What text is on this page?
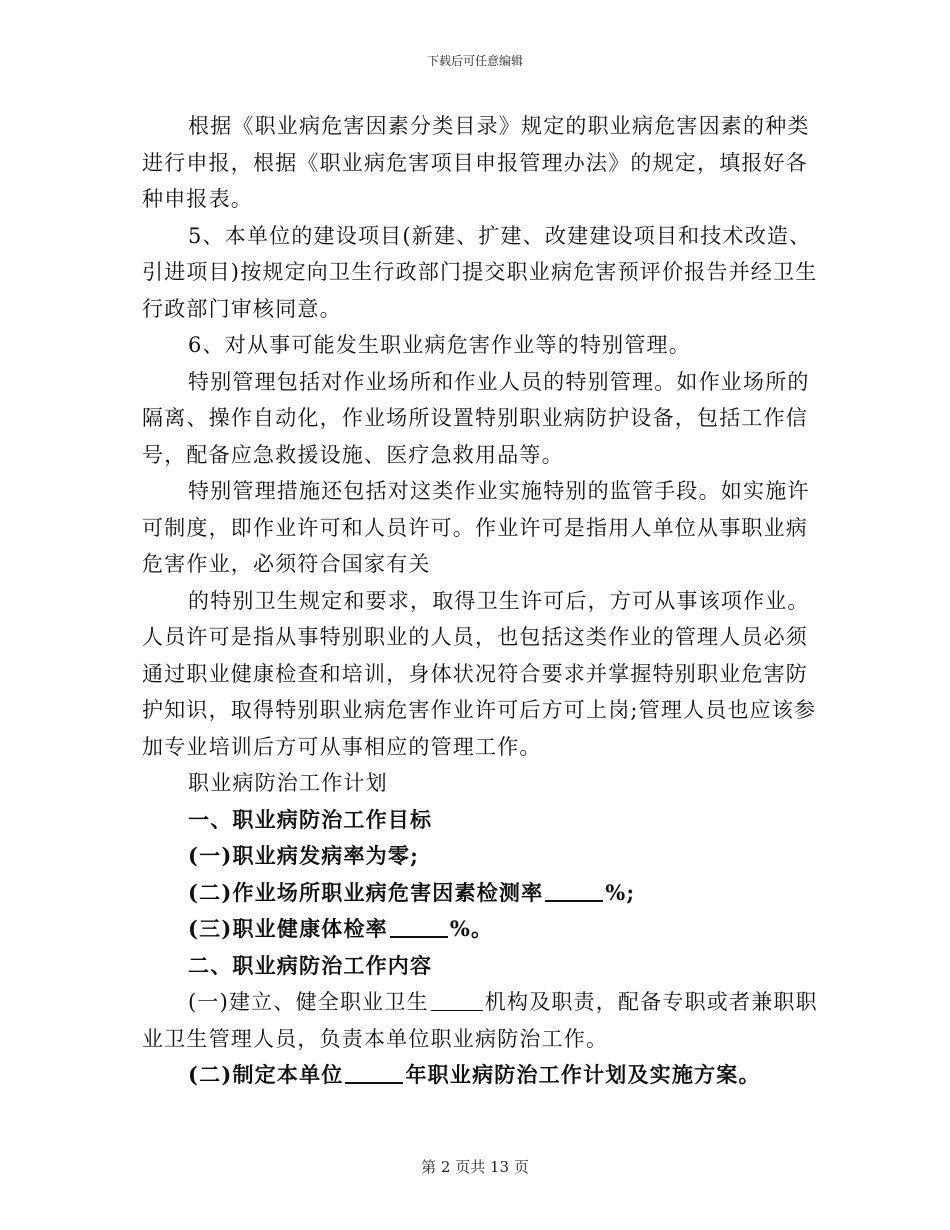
下载后可任意编辑

根据《职业病危害因素分类目录》规定的职业病危害因素的种类

进行申报，根据《职业病危害项目申报管理办法》的规定，填报好各

种申报表。

5、本单位的建设项目(新建、扩建、改建建设项目和技术改造、

引进项目)按规定向卫生行政部门提交职业病危害预评价报告并经卫生

行政部门审核同意。

6、对从事可能发生职业病危害作业等的特别管理。

特别管理包括对作业场所和作业人员的特别管理。如作业场所的

隔离、操作自动化，作业场所设置特别职业病防护设备，包括工作信

号，配备应急救援设施、医疗急救用品等。

特别管理措施还包括对这类作业实施特别的监管手段。如实施许

可制度，即作业许可和人员许可。作业许可是指用人单位从事职业病

危害作业，必须符合国家有关

的特别卫生规定和要求，取得卫生许可后，方可从事该项作业。

人员许可是指从事特别职业的人员，也包括这类作业的管理人员必须

通过职业健康检查和培训，身体状况符合要求并掌握特别职业危害防

护知识，取得特别职业病危害作业许可后方可上岗;管理人员也应该参

加专业培训后方可从事相应的管理工作。

职业病防治工作计划

一、职业病防治工作目标

(一)职业病发病率为零;

(二)作业场所职业病危害因素检测率	%;

(三)职业健康体检率	%。

二、职业病防治工作内容

(一)建立、健全职业卫生	机构及职责，配备专职或者兼职职

业卫生管理人员，负责本单位职业病防治工作。

(二)制定本单位	年职业病防治工作计划及实施方案。

第 2 页共 13 页
